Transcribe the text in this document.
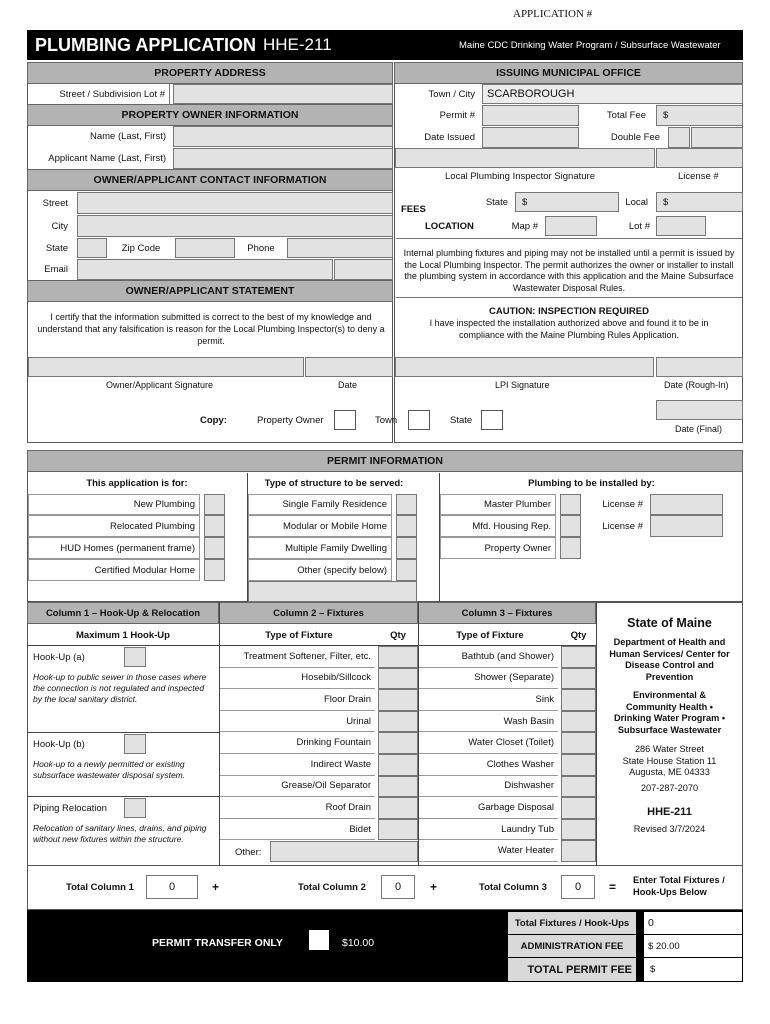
APPLICATION #
PLUMBING APPLICATION HHE-211	Maine CDC Drinking Water Program / Subsurface Wastewater
PROPERTY ADDRESS
Street / Subdivision Lot #
PROPERTY OWNER INFORMATION
Name (Last, First)
Applicant Name (Last, First)
OWNER/APPLICANT CONTACT INFORMATION
Street
City
State	Zip Code	Phone
Email
OWNER/APPLICANT STATEMENT
I certify that the information submitted is correct to the best of my knowledge and understand that any falsification is reason for the Local Plumbing Inspector(s) to deny a permit.
Owner/Applicant Signature	Date
Copy:	Property Owner	Town	State
ISSUING MUNICIPAL OFFICE
Town / City	SCARBOROUGH
Permit #	Total Fee	$
Date Issued	Double Fee
Local Plumbing Inspector Signature	License #
FEES
State	$	Local	$
LOCATION	Map #	Lot #
Internal plumbing fixtures and piping may not be installed until a permit is issued by the Local Plumbing Inspector. The permit authorizes the owner or installer to install the plumbing system in accordance with this application and the Maine Subsurface Wastewater Disposal Rules.
CAUTION: INSPECTION REQUIRED
I have inspected the installation authorized above and found it to be in compliance with the Maine Plumbing Rules Application.
LPI Signature	Date (Rough-In)
Date (Final)
PERMIT INFORMATION
This application is for:	Type of structure to be served:	Plumbing to be installed by:
New Plumbing
Relocated Plumbing
HUD Homes (permanent frame)
Certified Modular Home
Single Family Residence
Modular or Mobile Home
Multiple Family Dwelling
Other (specify below)
Master Plumber	License #
Mfd. Housing Rep.	License #
Property Owner
Column 1 – Hook-Up & Relocation	Column 2 – Fixtures	Column 3 – Fixtures
Maximum 1 Hook-Up	Type of Fixture	Qty	Type of Fixture	Qty
Hook-Up (a)
Hook-up to public sewer in those cases where the connection is not regulated and inspected by the local sanitary district.
Hook-Up (b)
Hook-up to a newly permitted or existing subsurface wastewater disposal system.
Piping Relocation
Relocation of sanitary lines, drains, and piping without new fixtures within the structure.
Treatment Softener, Filter, etc.
Hosebib/Sillcock
Floor Drain
Urinal
Drinking Fountain
Indirect Waste
Grease/Oil Separator
Roof Drain
Bidet
Bathtub (and Shower)
Shower (Separate)
Sink
Wash Basin
Water Closet (Toilet)
Clothes Washer
Dishwasher
Garbage Disposal
Laundry Tub
Water Heater
Other:
State of Maine
Department of Health and Human Services/ Center for Disease Control and Prevention
Environmental &
Community Health •
Drinking Water Program •
Subsurface Wastewater
286 Water Street
State House Station 11
Augusta, ME 04333
207-287-2070
HHE-211
Revised 3/7/2024
Total Column 1	0	+	Total Column 2	0	+	Total Column 3	0	= Enter Total Fixtures / Hook-Ups Below
PERMIT TRANSFER ONLY	$10.00
Total Fixtures / Hook-Ups	0
ADMINISTRATION FEE	$ 20.00
TOTAL PERMIT FEE	$
